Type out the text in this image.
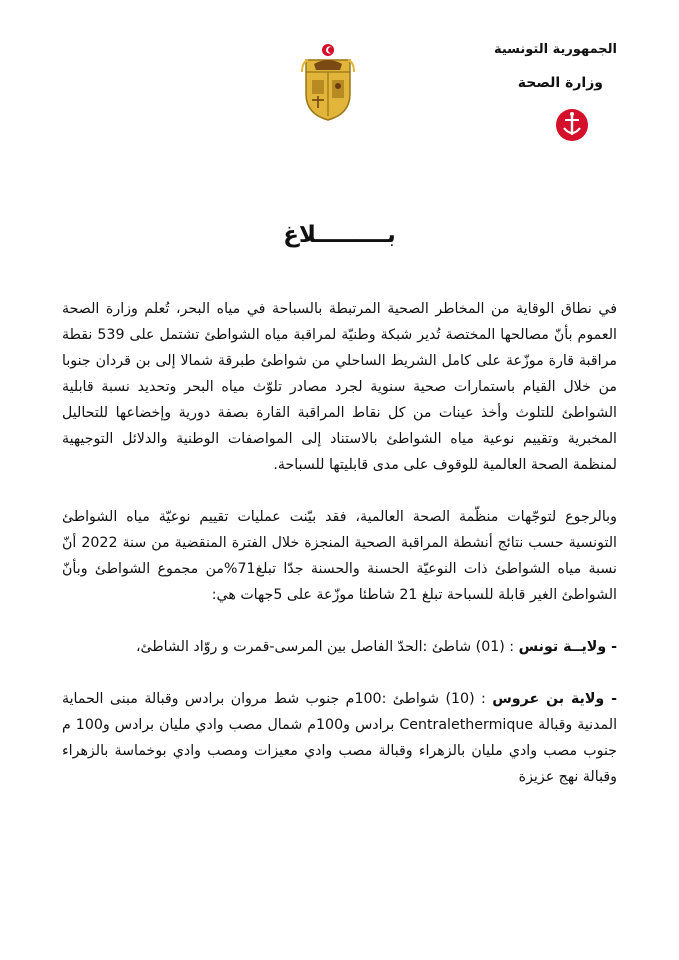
الجمهورية التونسية

وزارة الصحة

بـــــــــلاغ

في نطاق الوقاية من المخاطر الصحية المرتبطة بالسباحة في مياه البحر، تُعلم وزارة الصحة العموم بأنّ مصالحها المختصة تُدير شبكة وطنيّة لمراقبة مياه الشواطئ تشتمل على 539 نقطة مراقبة قارة موزّعة على كامل الشريط الساحلي من شواطئ طبرقة شمالا إلى بن قردان جنوبا من خلال القيام باستمارات صحية سنوية لجرد مصادر تلوّث مياه البحر وتحديد نسبة قابلية الشواطئ للتلوث وأخذ عينات من كل نقاط المراقبة القارة بصفة دورية وإخضاعها للتحاليل المخبرية وتقييم نوعية مياه الشواطئ بالاستناد إلى المواصفات الوطنية والدلائل التوجيهية لمنظمة الصحة العالمية للوقوف على مدى قابليتها للسباحة.

وبالرجوع لتوجّهات منظّمة الصحة العالمية، فقد بيّنت عمليات تقييم نوعيّة مياه الشواطئ التونسية حسب نتائج أنشطة المراقبة الصحية المنجزة خلال الفترة المنقضية من سنة 2022 أنّ نسبة مياه الشواطئ ذات النوعيّة الحسنة والحسنة جدّا تبلغ71%من مجموع الشواطئ وبأنّ الشواطئ الغير قابلة للسباحة تبلغ 21 شاطئا موزّعة على 5جهات هي:

- ولايــة تونس : (01) شاطئ :الحدّ الفاصل بين المرسى-قمرت و روّاد الشاطئ،

- ولاية بن عروس : (10) شواطئ :100م جنوب شط مروان برادس وقبالة مبنى الحماية المدنية وقبالة Centralethermique برادس و100م شمال مصب وادي مليان برادس و100 م جنوب مصب وادي مليان بالزهراء وقبالة مصب وادي معيزات ومصب وادي بوخماسة بالزهراء وقبالة نهج عزيزة
